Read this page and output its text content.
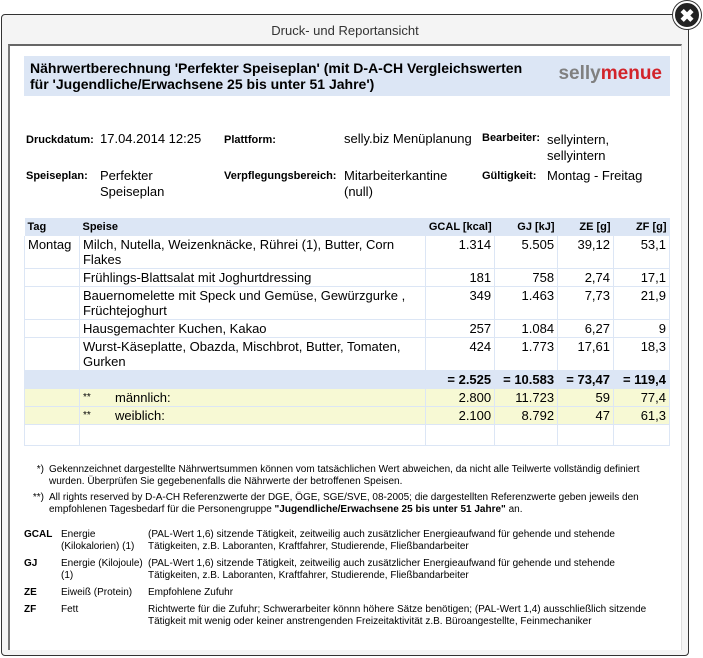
✖
Druck- und Reportansicht
Nährwertberechnung 'Perfekter Speiseplan' (mit D-A-CH Vergleichswerten für 'Jugendliche/Erwachsene 25 bis unter 51 Jahre')	sellymenue
Druckdatum: 17.04.2014 12:25 Plattform:	selly.biz Menüplanung Bearbeiter: sellyintern, sellyintern
Speiseplan: Perfekter Speiseplan
Verpflegungsbereich: Mitarbeiterkantine (null)
Gültigkeit: Montag - Freitag
Tag	Speise	GCAL [kcal]	GJ [kJ]	ZE [g]	ZF [g]
Montag	Milch, Nutella, Weizenknäcke, Rührei (1), Butter, Corn Flakes	1.314	5.505	39,12	53,1
	Frühlings-Blattsalat mit Joghurtdressing	181	758	2,74	17,1
	Bauernomelette mit Speck und Gemüse, Gewürzgurke , Früchtejoghurt	349	1.463	7,73	21,9
	Hausgemachter Kuchen, Kakao	257	1.084	6,27	9
	Wurst-Käseplatte, Obazda, Mischbrot, Butter, Tomaten, Gurken	424	1.773	17,61	18,3
		= 2.525	= 10.583	= 73,47	= 119,4
	** männlich:	2.800	11.723	59	77,4
	** weiblich:	2.100	8.792	47	61,3

*) Gekennzeichnet dargestellte Nährwertsummen können vom tatsächlichen Wert abweichen, da nicht alle Teilwerte vollständig definiert wurden. Überprüfen Sie gegebenenfalls die Nährwerte der betroffenen Speisen.
**) All rights reserved by D-A-CH Referenzwerte der DGE, ÖGE, SGE/SVE, 08-2005; die dargestellten Referenzwerte geben jeweils den empfohlenen Tagesbedarf für die Personengruppe "Jugendliche/Erwachsene 25 bis unter 51 Jahre" an.
GCAL	Energie (Kilokalorien) (1)	(PAL-Wert 1,6) sitzende Tätigkeit, zeitweilig auch zusätzlicher Energieaufwand für gehende und stehende Tätigkeiten, z.B. Laboranten, Kraftfahrer, Studierende, Fließbandarbeiter
GJ	Energie (Kilojoule) (1)	(PAL-Wert 1,6) sitzende Tätigkeit, zeitweilig auch zusätzlicher Energieaufwand für gehende und stehende Tätigkeiten, z.B. Laboranten, Kraftfahrer, Studierende, Fließbandarbeiter
ZE	Eiweiß (Protein)	Empfohlene Zufuhr
ZF	Fett	Richtwerte für die Zufuhr; Schwerarbeiter könnn höhere Sätze benötigen; (PAL-Wert 1,4) ausschließlich sitzende Tätigkeit mit wenig oder keiner anstrengenden Freizeitaktivität z.B. Büroangestellte, Feinmechaniker
